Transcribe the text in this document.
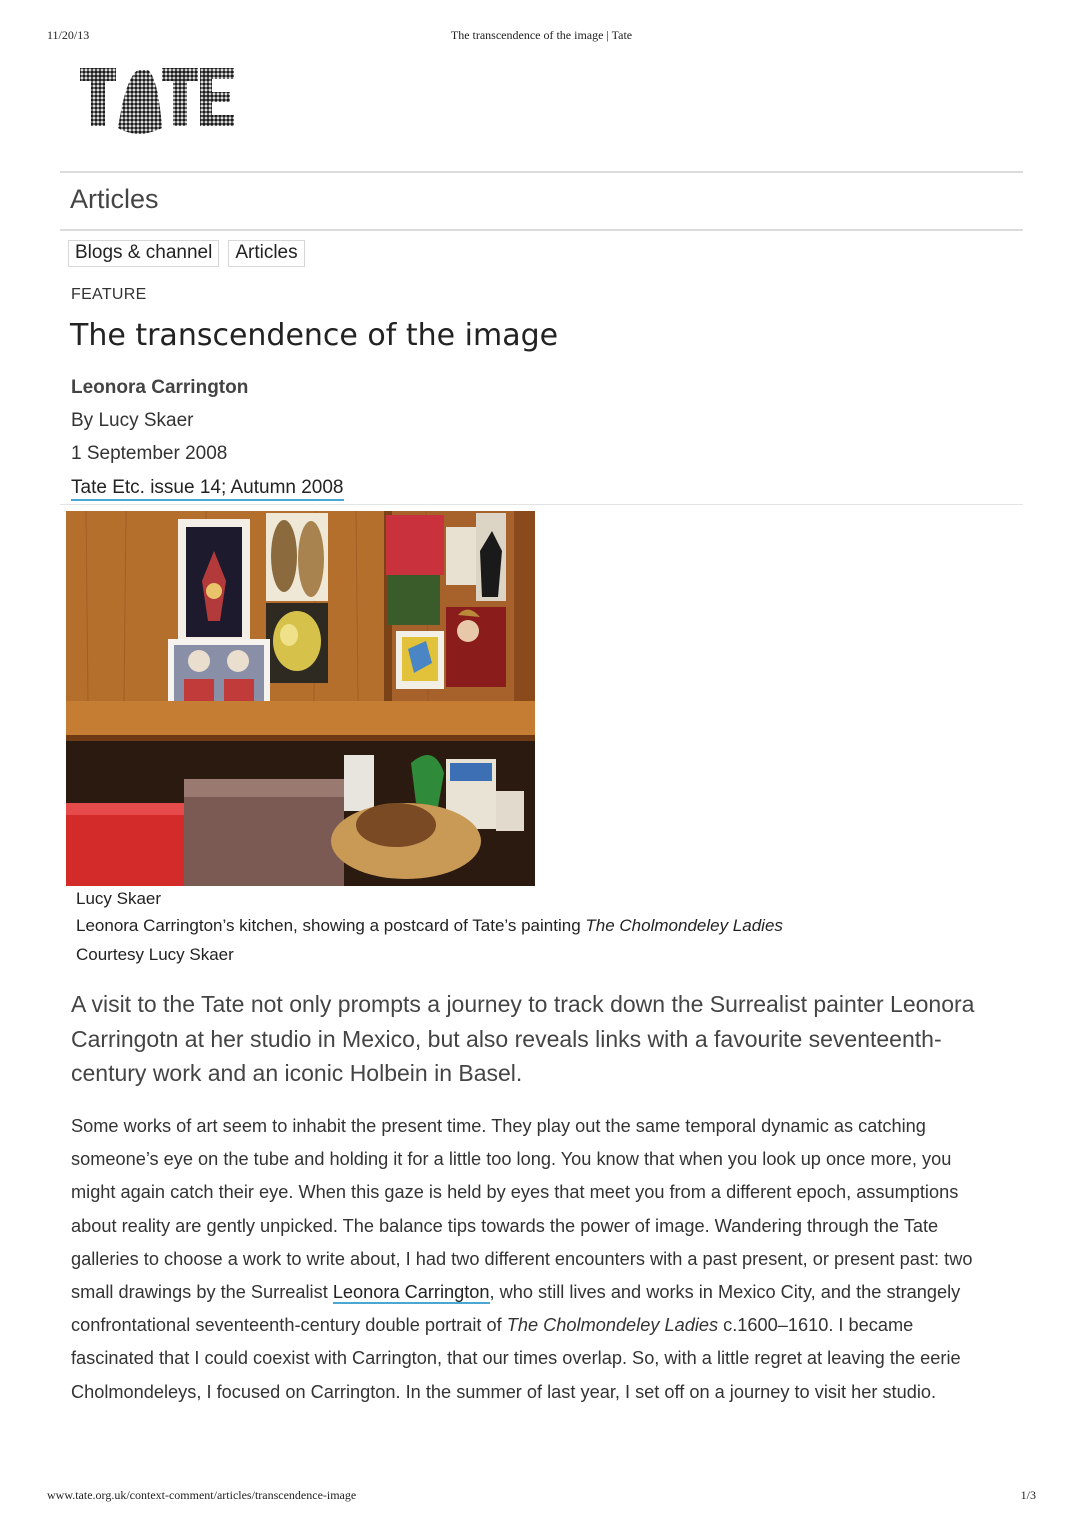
11/20/13	The transcendence of the image | Tate
Articles
Blogs & channel Articles
FEATURE
The transcendence of the image
Leonora Carrington
By Lucy Skaer
1 September 2008
Tate Etc. issue 14; Autumn 2008
Lucy Skaer
Leonora Carrington’s kitchen, showing a postcard of Tate’s painting The Cholmondeley Ladies
Courtesy Lucy Skaer

A visit to the Tate not only prompts a journey to track down the Surrealist painter Leonora Carringotn at her studio in Mexico, but also reveals links with a favourite seventeenth-century work and an iconic Holbein in Basel.

Some works of art seem to inhabit the present time. They play out the same temporal dynamic as catching someone’s eye on the tube and holding it for a little too long. You know that when you look up once more, you might again catch their eye. When this gaze is held by eyes that meet you from a different epoch, assumptions about reality are gently unpicked. The balance tips towards the power of image. Wandering through the Tate galleries to choose a work to write about, I had two different encounters with a past present, or present past: two small drawings by the Surrealist Leonora Carrington, who still lives and works in Mexico City, and the strangely confrontational seventeenth-century double portrait of The Cholmondeley Ladies c.1600–1610. I became fascinated that I could coexist with Carrington, that our times overlap. So, with a little regret at leaving the eerie Cholmondeleys, I focused on Carrington. In the summer of last year, I set off on a journey to visit her studio.

www.tate.org.uk/context-comment/articles/transcendence-image	1/3
